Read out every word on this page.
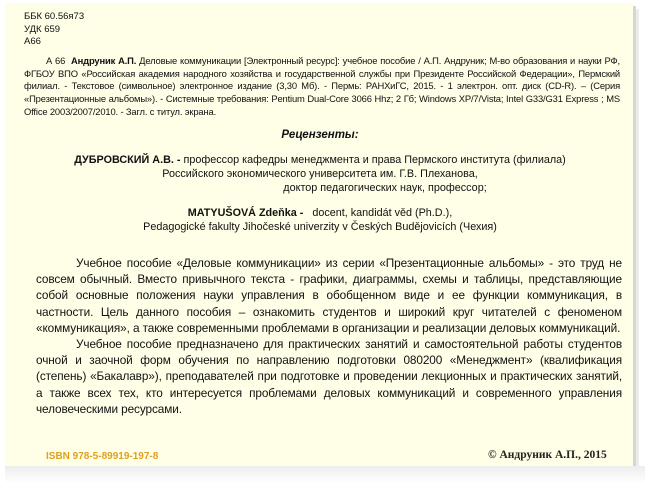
ББК 60.56я73
УДК 659
А66
А 66 Андруник А.П. Деловые коммуникации [Электронный ресурс]: учебное пособие / А.П. Андруник; М-во образования и науки РФ, ФГБОУ ВПО «Российская академия народного хозяйства и государственной службы при Президенте Российской Федерации», Пермский филиал. - Текстовое (символьное) электронное издание (3,30 Мб). - Пермь: РАНХиГС, 2015. - 1 электрон. опт. диск (CD-R). – (Серия «Презентационные альбомы»). - Системные требования: Pentium Dual-Core 3066 Hhz; 2 Гб; Windows XP/7/Vista; Intel G33/G31 Express ; MS Office 2003/2007/2010. - Загл. с титул. экрана.
Рецензенты:
ДУБРОВСКИЙ А.В. - профессор кафедры менеджмента и права Пермского института (филиала)
Российского экономического университета им. Г.В. Плеханова,
доктор педагогических наук, профессор;
MATYUŠOVÁ Zdeňka - docent, kandidát věd (Ph.D.),
Pedagogické fakulty Jihočeské univerzity v Českých Budějovicích (Чехия)

Учебное пособие «Деловые коммуникации» из серии «Презентационные альбомы» - это труд не совсем обычный. Вместо привычного текста - графики, диаграммы, схемы и таблицы, представляющие собой основные положения науки управления в обобщенном виде и ее функции коммуникация, в частности. Цель данного пособия – ознакомить студентов и широкий круг читателей с феноменом «коммуникация», а также современными проблемами в организации и реализации деловых коммуникаций.

Учебное пособие предназначено для практических занятий и самостоятельной работы студентов очной и заочной форм обучения по направлению подготовки 080200 «Менеджмент» (квалификация (степень) «Бакалавр»), преподавателей при подготовке и проведении лекционных и практических занятий, а также всех тех, кто интересуется проблемами деловых коммуникаций и современного управления человеческими ресурсами.

ISBN 978-5-89919-197-8	© Андруник А.П., 2015
